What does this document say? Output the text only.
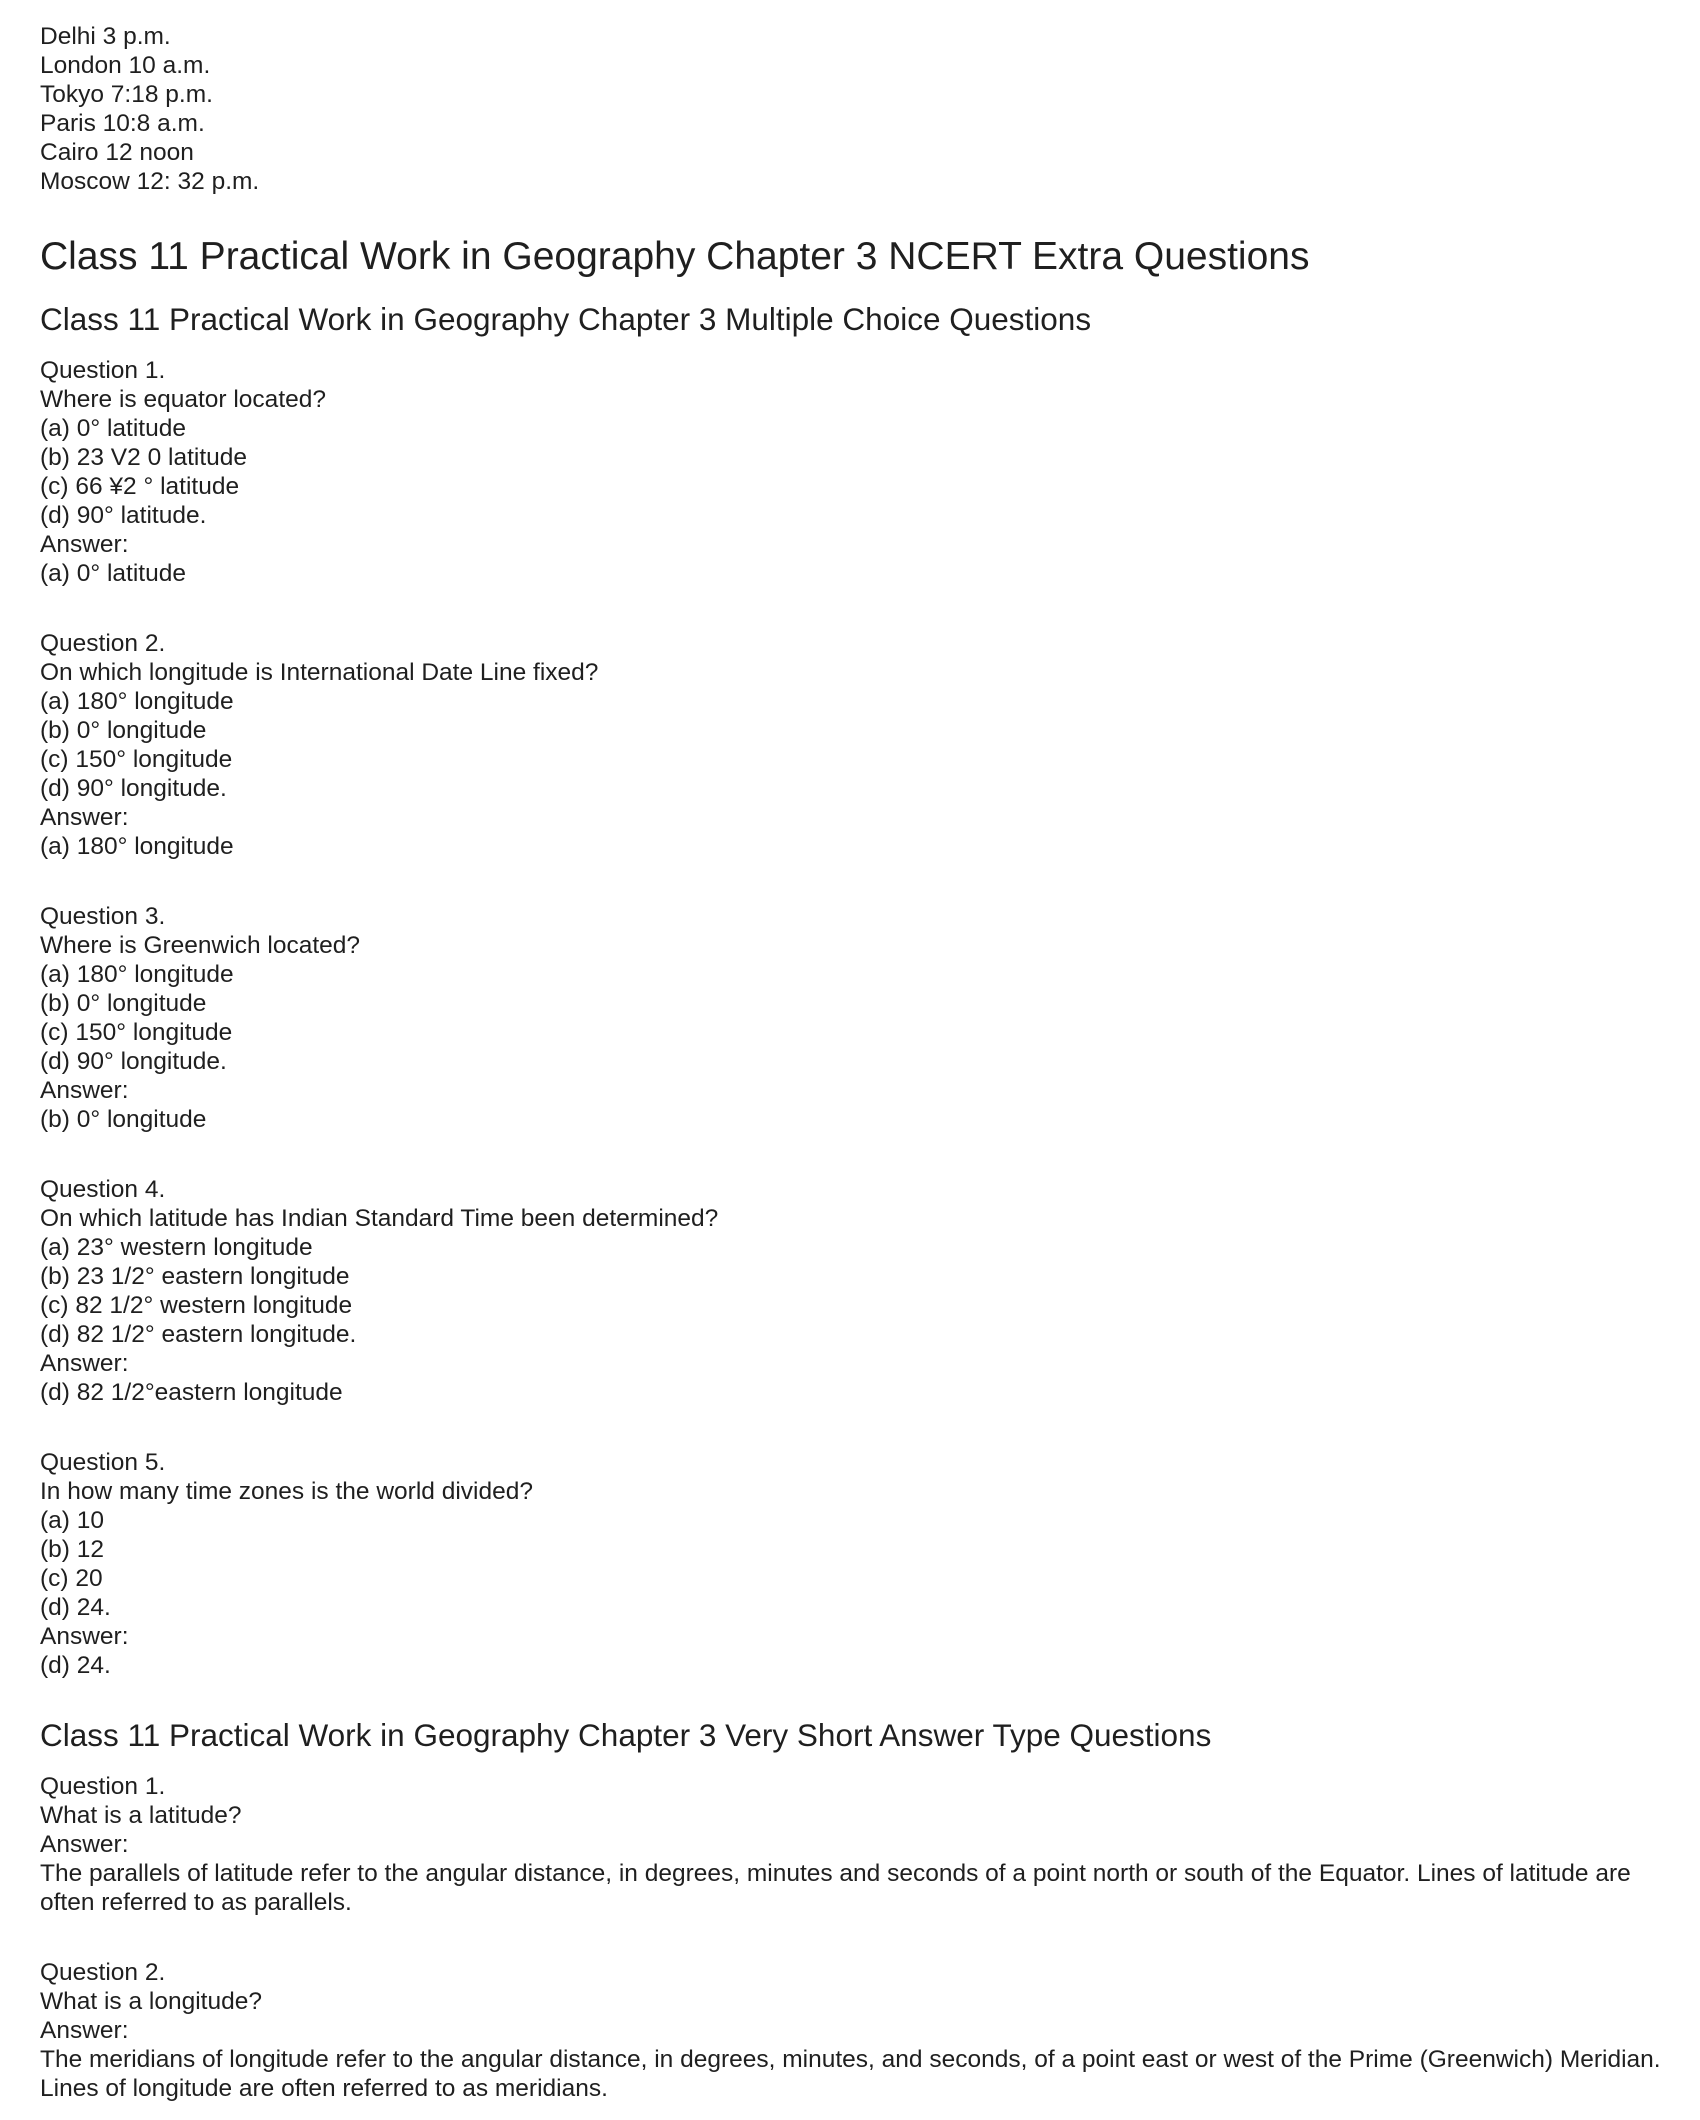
Delhi 3 p.m.
London 10 a.m.
Tokyo 7:18 p.m.
Paris 10:8 a.m.
Cairo 12 noon
Moscow 12: 32 p.m.
Class 11 Practical Work in Geography Chapter 3 NCERT Extra Questions
Class 11 Practical Work in Geography Chapter 3 Multiple Choice Questions
Question 1.
Where is equator located?
(a) 0° latitude
(b) 23 V2 0 latitude
(c) 66 ¥2 ° latitude
(d) 90° latitude.
Answer:
(a) 0° latitude
Question 2.
On which longitude is International Date Line fixed?
(a) 180° longitude
(b) 0° longitude
(c) 150° longitude
(d) 90° longitude.
Answer:
(a) 180° longitude
Question 3.
Where is Greenwich located?
(a) 180° longitude
(b) 0° longitude
(c) 150° longitude
(d) 90° longitude.
Answer:
(b) 0° longitude
Question 4.
On which latitude has Indian Standard Time been determined?
(a) 23° western longitude
(b) 23 1/2° eastern longitude
(c) 82 1/2° western longitude
(d) 82 1/2° eastern longitude.
Answer:
(d) 82 1/2°eastern longitude
Question 5.
In how many time zones is the world divided?
(a) 10
(b) 12
(c) 20
(d) 24.
Answer:
(d) 24.
Class 11 Practical Work in Geography Chapter 3 Very Short Answer Type Questions
Question 1.
What is a latitude?
Answer:
The parallels of latitude refer to the angular distance, in degrees, minutes and seconds of a point north or south of the Equator. Lines of latitude are often referred to as parallels.
Question 2.
What is a longitude?
Answer:
The meridians of longitude refer to the angular distance, in degrees, minutes, and seconds, of a point east or west of the Prime (Greenwich) Meridian. Lines of longitude are often referred to as meridians.
